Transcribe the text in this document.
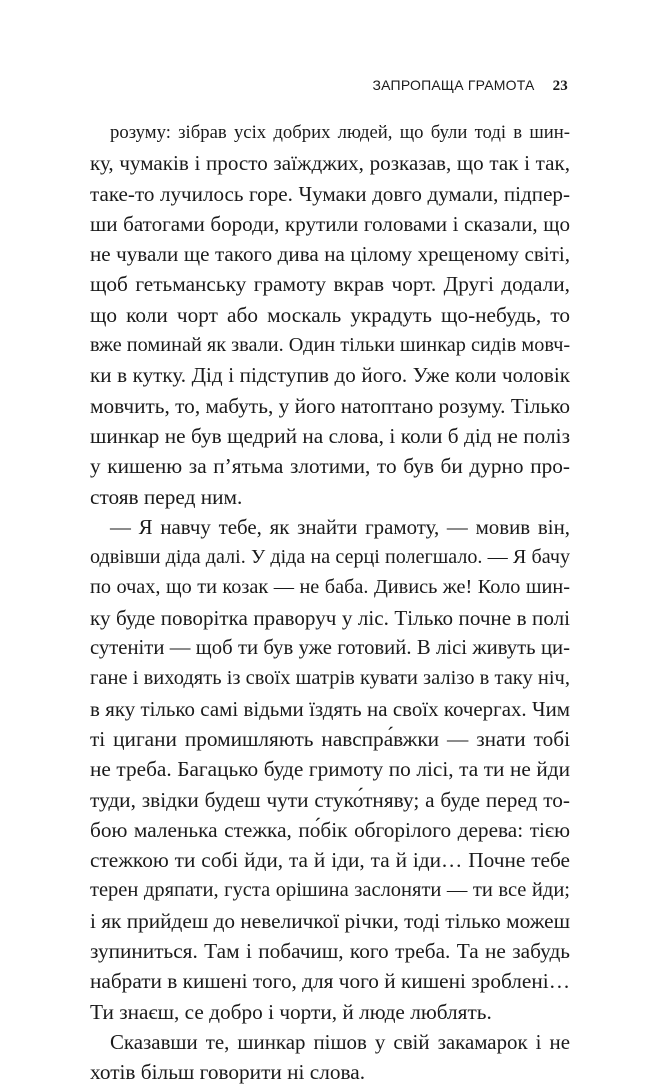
ЗАПРОПАЩА ГРАМОТА 23
розуму: зібрав усіх добрих людей, що були тоді в шин-
ку, чумаків і просто заїжджих, розказав, що так і так,
таке-то лучилось горе. Чумаки довго думали, підпер-
ши батогами бороди, крутили головами і сказали, що
не чували ще такого дива на цілому хрещеному світі,
щоб гетьманську грамоту вкрав чорт. Другі додали,
що коли чорт або москаль украдуть що-небудь, то
вже поминай як звали. Один тільки шинкар сидів мовч-
ки в кутку. Дід і підступив до його. Уже коли чоловік
мовчить, то, мабуть, у його натоптано розуму. Тілько
шинкар не був щедрий на слова, і коли б дід не поліз
у кишеню за п’ятьма злотими, то був би дурно про-
стояв перед ним.
— Я навчу тебе, як знайти грамоту, — мовив він,
одвівши діда далі. У діда на серці полегшало. — Я бачу
по очах, що ти козак — не баба. Дивись же! Коло шин-
ку буде поворітка праворуч у ліс. Тілько почне в полі
сутеніти — щоб ти був уже готовий. В лісі живуть ци-
гане і виходять із своїх шатрів кувати залізо в таку ніч,
в яку тілько самі відьми їздять на своїх кочергах. Чим
ті цигани промишляють навспра́вжки — знати тобі
не треба. Багацько буде гримоту по лісі, та ти не йди
туди, звідки будеш чути стуко́тняву; а буде перед то-
бою маленька стежка, по́бік обгорілого дерева: тією
стежкою ти собі йди, та й іди, та й іди… Почне тебе
терен дряпати, густа орішина заслоняти — ти все йди;
і як прийдеш до невеличкої річки, тоді тілько можеш
зупиниться. Там і побачиш, кого треба. Та не забудь
набрати в кишені того, для чого й кишені зроблені…
Ти знаєш, се добро і чорти, й люде люблять.
Сказавши те, шинкар пішов у свій закамарок і не
хотів більш говорити ні слова.
